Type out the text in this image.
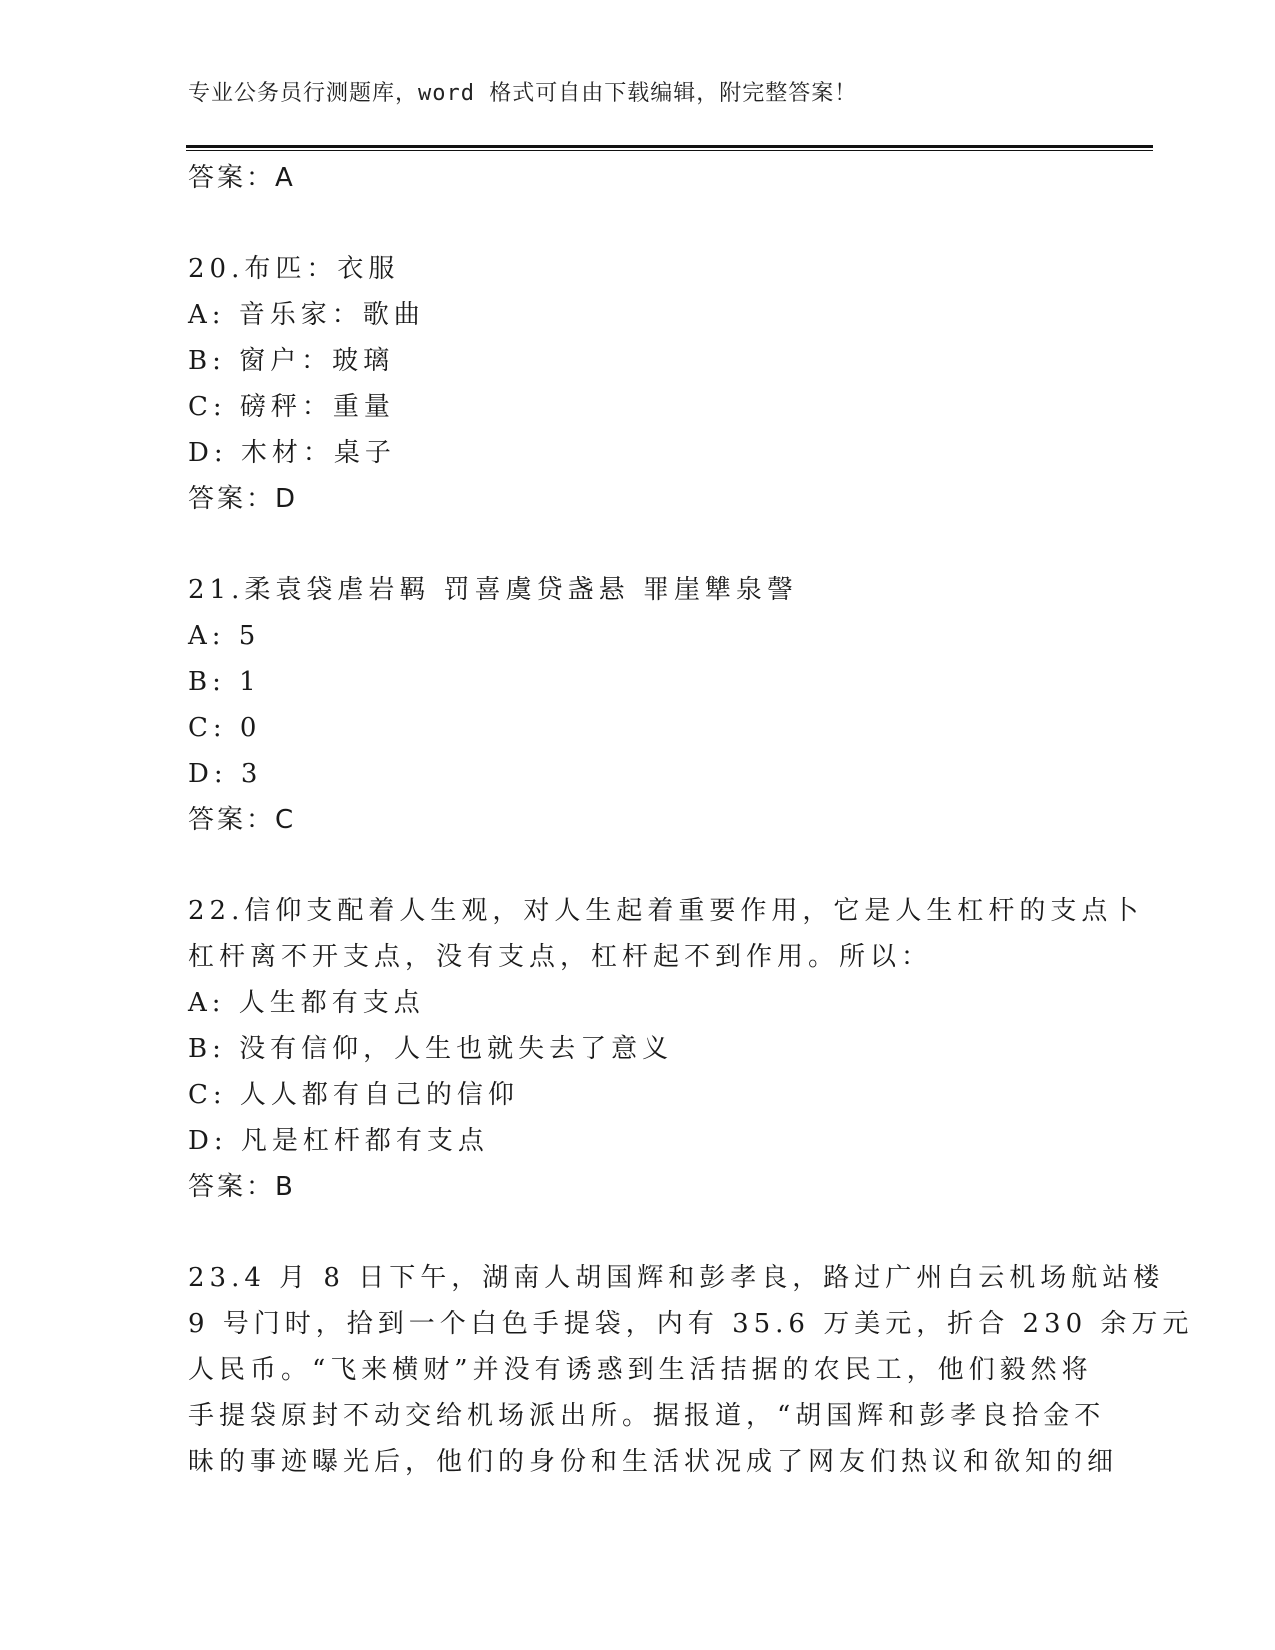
专业公务员行测题库，word 格式可自由下载编辑，附完整答案！
答案：A
20.布匹：衣服
A: 音乐家：歌曲
B: 窗户：玻璃
C: 磅秤：重量
D: 木材：桌子
答案：D
21.柔袁袋虐岩羁 罚喜虞贷盏悬 罪崖犨泉謦
A: 5
B: 1
C: 0
D: 3
答案：C
22.信仰支配着人生观，对人生起着重要作用，它是人生杠杆的支点卜
杠杆离不开支点，没有支点，杠杆起不到作用。所以：
A: 人生都有支点
B: 没有信仰，人生也就失去了意义
C: 人人都有自己的信仰
D: 凡是杠杆都有支点
答案：B
23.4 月 8 日下午，湖南人胡国辉和彭孝良，路过广州白云机场航站楼
9 号门时，拾到一个白色手提袋，内有 35.6 万美元，折合 230 余万元
人民币。“飞来横财”并没有诱惑到生活拮据的农民工，他们毅然将
手提袋原封不动交给机场派出所。据报道，“胡国辉和彭孝良拾金不
昧的事迹曝光后，他们的身份和生活状况成了网友们热议和欲知的细
